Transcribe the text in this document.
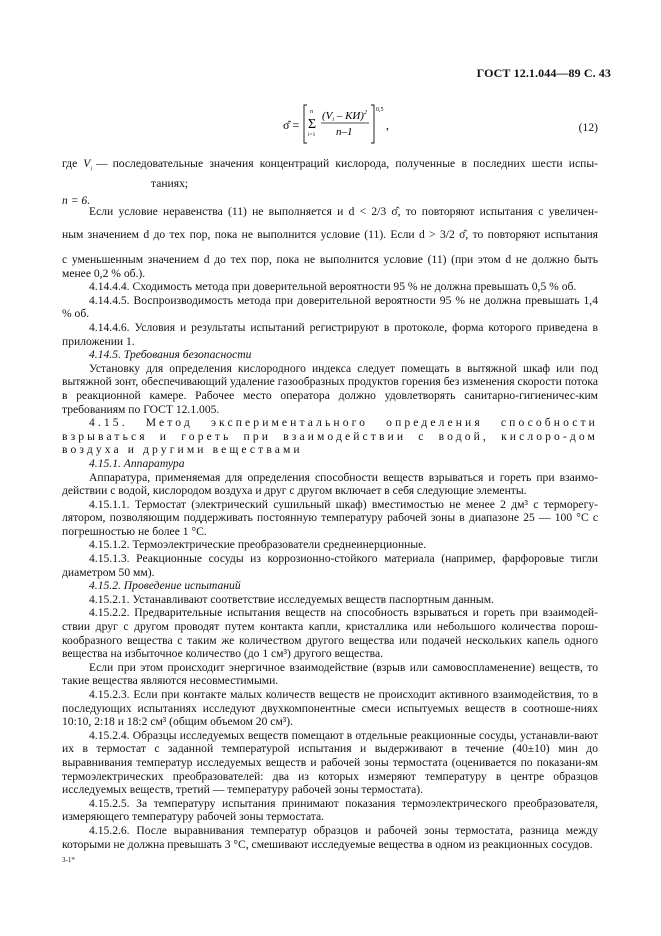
ГОСТ 12.1.044—89 С. 43
σ̂ =
n
Σ
i=1
(Vi – КИ)$^2$
n–1
0,5
,	(12)
где $V_i$ — последовательные значения концентраций кислорода, полученные в последних шести испы-
таниях;
n = 6.

Если условие неравенства (11) не выполняется и d < 2/3 σ̂, то повторяют испытания с увеличен-

ным значением d до тех пор, пока не выполнится условие (11). Если d > 3/2 σ̂, то повторяют испытания

с уменьшенным значением d до тех пор, пока не выполнится условие (11) (при этом d не должно быть менее 0,2 % об.).

4.14.4.4. Сходимость метода при доверительной вероятности 95 % не должна превышать 0,5 % об.

4.14.4.5. Воспроизводимость метода при доверительной вероятности 95 % не должна превышать 1,4 % об.

4.14.4.6. Условия и результаты испытаний регистрируют в протоколе, форма которого приведена в приложении 1.

4.14.5. Требования безопасности

Установку для определения кислородного индекса следует помещать в вытяжной шкаф или под вытяжной зонт, обеспечивающий удаление газообразных продуктов горения без изменения скорости потока в реакционной камере. Рабочее место оператора должно удовлетворять санитарно-гигиеничес-ким требованиям по ГОСТ 12.1.005.

4.15. Метод экспериментального определения способности взрываться и гореть при взаимодействии с водой, кислоро-дом воздуха и другими веществами

4.15.1. Аппаратура

Аппаратура, применяемая для определения способности веществ взрываться и гореть при взаимо-действии с водой, кислородом воздуха и друг с другом включает в себя следующие элементы.

4.15.1.1. Термостат (электрический сушильный шкаф) вместимостью не менее 2 дм³ с терморегу-лятором, позволяющим поддерживать постоянную температуру рабочей зоны в диапазоне 25 — 100 °С с погрешностью не более 1 °С.

4.15.1.2. Термоэлектрические преобразователи среднеинерционные.

4.15.1.3. Реакционные сосуды из коррозионно-стойкого материала (например, фарфоровые тигли диаметром 50 мм).

4.15.2. Проведение испытаний

4.15.2.1. Устанавливают соответствие исследуемых веществ паспортным данным.

4.15.2.2. Предварительные испытания веществ на способность взрываться и гореть при взаимодей-ствии друг с другом проводят путем контакта капли, кристаллика или небольшого количества порош-кообразного вещества с таким же количеством другого вещества или подачей нескольких капель одного вещества на избыточное количество (до 1 см³) другого вещества.

Если при этом происходит энергичное взаимодействие (взрыв или самовоспламенение) веществ, то такие вещества являются несовместимыми.

4.15.2.3. Если при контакте малых количеств веществ не происходит активного взаимодействия, то в последующих испытаниях исследуют двухкомпонентные смеси испытуемых веществ в соотноше-ниях 10:10, 2:18 и 18:2 см³ (общим объемом 20 см³).

4.15.2.4. Образцы исследуемых веществ помещают в отдельные реакционные сосуды, устанавли-вают их в термостат с заданной температурой испытания и выдерживают в течение (40±10) мин до выравнивания температур исследуемых веществ и рабочей зоны термостата (оценивается по показани-ям термоэлектрических преобразователей: два из которых измеряют температуру в центре образцов исследуемых веществ, третий — температуру рабочей зоны термостата).

4.15.2.5. За температуру испытания принимают показания термоэлектрического преобразователя, измеряющего температуру рабочей зоны термостата.

4.15.2.6. После выравнивания температур образцов и рабочей зоны термостата, разница между которыми не должна превышать 3 °С, смешивают исследуемые вещества в одном из реакционных сосудов.

3-1*
